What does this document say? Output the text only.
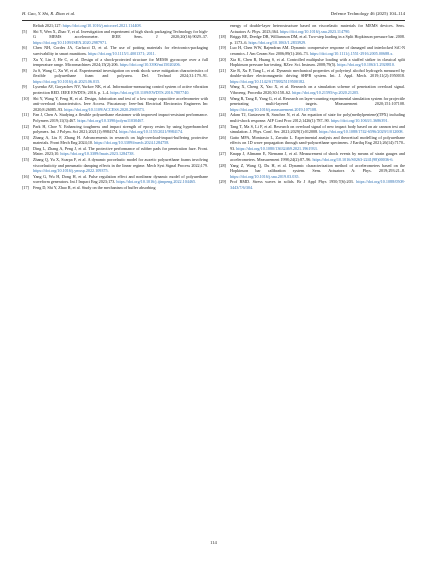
H. Gao, Y. Shi, R. Zhao et al.	Defence Technology 46 (2025) 104–114
Reliab 2021;127: https://doi.org/10.1016/j.microrel.2021.114408.
[5]	Shi Y, Wen X, Zhao Y, et al. Investigation and experiment of high shock packaging Technology for high-G MEMS accelerometer. IEEE Sens. J 2020;20(16):9029–37. https://doi.org/10.1109/JSEN.2020.2987971.
[6]	Chen NH, Cordes JA, Carlucci D, et al. The use of potting materials for electronics-packaging survivability in smart munitions. https://doi.org/10.1115/1.4001371; 2011.
[7]	Xu Y, Lin J, He C, et al. Design of a shock-protected structure for MEMS gyroscope over a full temperature range. Micromachines 2024;15(2):206. https://doi.org/10.3390/mi15020206.
[8]	Ju S, Wang C, Xu W, et al. Experimental investigation on weak shock wave mitigation characteristics of flexible polyurethane foam and polyurea. Def. Technol 2024;31:179–91. https://doi.org/10.1016/j.dt.2023.06.015.
[9]	Lysenko AV, Goryachev NV, Yurkov NK, et al. Information-measuring control system of active vibration protection RED. IEEE EWDTS; 2016. p. 1–4. https://doi.org/10.1109/EWDTS.2016.7807740.
[10] Shi Y, Wang Y, Feng H, et al. Design, fabrication and test of a low range capacitive accelerometer with anti-overload characteristics. Ieee Access. Piscataway: Ieee-Inst Electrical Electronics Engineers Inc 2020;8:26085–93. https://doi.org/10.1109/ACCESS.2020.2969373.
[11]	Fan J, Chen A. Studying a flexible polyurethane elastomer with improved impact-resistant performance. Polymers 2019;11(3):467. https://doi.org/10.3390/polym11030467.
[12] Park H, Choe Y. Enhancing toughness and impact strength of epoxy resins by using hyperbranched polymers. Int. J Polym. Sci 2021;2021(1):9984174. https://doi.org/10.1155/2021/9984174.
[13] Zhang A, Liu F, Zhang H. Advancements in research on high-overload-impact-buffering protective materials. Front Mech Eng 2024;10. https://doi.org/10.3389/fmech.2024.1284758.
[14] Ding L, Zhang A, Peng J, et al. The protective performance of rubber pads for penetration fuze. Front. Mater. 2023;10. https://doi.org/10.3389/fmats.2023.1284738.
[15] Zhang Q, Yu X, Scarpa F, et al. A dynamic poroelastic model for auxetic polyurethane foams involving viscoelasticity and pneumatic damping effects in the linear regime. Mech Syst Signal Process 2022;179. https://doi.org/10.1016/j.ymssp.2022.109375.
[16] Yang G, Wu H, Dong H, et al. Pulse regulation effect and nonlinear dynamic model of polyurethane waveform generators. Int J Impact Eng 2023;173. https://doi.org/10.1016/j.ijimpeng.2022.104465.
[17] Feng D, Shi Y, Zhao R, et al. Study on the mechanism of buffer absorbing
energy of double-layer heterostructure based on viscoelastic materials for MEMS devices. Sens. Actuators A: Phys. 2023;364. https://doi.org/10.1016/j.sna.2023.114790.
[18] Briggs RE, Dredge DR, Williamson DM, et al. Two-step loading in a Split Hopkinson pressure bar. 2008. p. 1173–6. https://doi.org/10.1063/1.2833929.
[19] Luo H, Chen WW, Rajendran AM. Dynamic compressive response of damaged and interlocked SiC-N ceramics. J Am Ceram Soc 2006;89(1):266–73. https://doi.org/10.1111/j.1551-2916.2005.00688.x.
[20] Xia K, Chen R, Huang S, et al. Controlled multipulse loading with a stuffed striker in classical split Hopkinson pressure bar testing. RZev. Sci. Instrum. 2008;79(5). https://doi.org/10.1063/1.2928810.
[21] Xie R, Xu P, Tang L, et al. Dynamic mechanical properties of polyvinyl alcohol hydrogels measured by double-striker electromagnetic driving SHPB system. Int. J. Appl. Mech. 2019;11(2):1950018. https://doi.org/10.1142/S1758825119500182.
[22] Wang X, Cheng X, Yao X, et al. Research on a simulation scheme of penetration overload signal. Vibroeng. Procedia 2020;30:158–62. https://doi.org/10.21595/vp.2020.21205.
[23] Wang R, Tang E, Yang G, et al. Research on layer-counting experimental simulation system for projectile penetrating multi-layered targets. Measurement 2020;151:107108. https://doi.org/10.1016/j.measurement.2019.107108.
[24] Adam TJ, Gustavsen R, Sanchez N, et al. An equation of state for poly(methylpentene)(TPX) including multi-shock response. AIP Conf Proc 2012;1426(1):787–90. https://doi.org/10.1063/1.3686391.
[25] Tang T, Ma S, Li F, et al. Research on overload signal of new impact body based on air cannon test and simulation. J. Phys. Conf. Ser. 2021;2029(1):012008. https://doi.org/10.1088/1742-6596/2029/1/012008.
[26] Gatto MPA, Montrasio L, Zavatto L. Experimental analysis and theoretical modelling of polyurethane effects on 1D wave propagation through sand-polyurethane specimens. J Earthq Eng 2021;26(14):7170–93. https://doi.org/10.1080/13632469.2021.1961933.
[27] Knapp J, Altmann E, Niemann J, et al. Measurement of shock events by means of strain gauges and accelerometers. Measurement 1998;24(2):87–96. https://doi.org/10.1016/S0263-2241(98)00036-6.
[28] Yang Z, Wang Q, Du H, et al. Dynamic characterization method of accelerometers based on the Hopkinson bar calibration system. Sens. Actuators A: Phys. 2019;293:21–8. https://doi.org/10.1016/j.sna.2019.03.035.
[29] Prof RMD. Stress waves in solids. Br J Appl Phys 1950;7(6):203. https://doi.org/10.1088/0508-3443/7/6/304.
114
